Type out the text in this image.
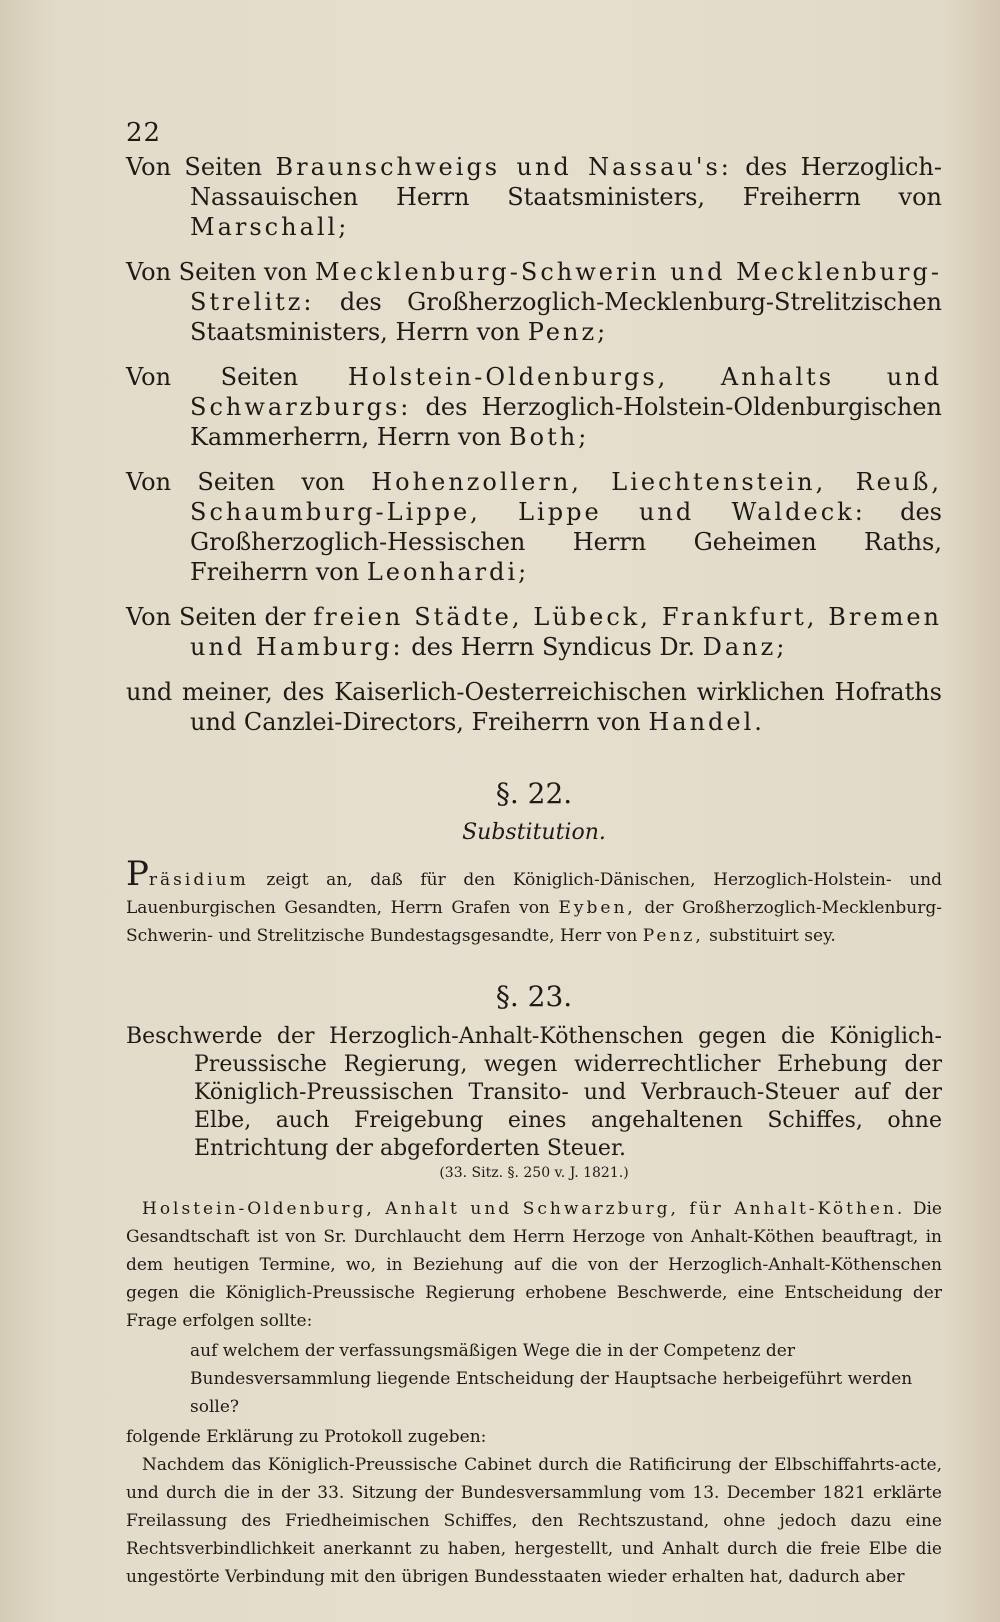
22

Von Seiten Braunschweigs und Nassau's: des Herzoglich-Nassauischen Herrn Staatsministers, Freiherrn von Marschall;

Von Seiten von Mecklenburg-Schwerin und Mecklenburg-Strelitz: des Großherzoglich-Mecklenburg-Strelitzischen Staatsministers, Herrn von Penz;

Von Seiten Holstein-Oldenburgs, Anhalts und Schwarzburgs: des Herzoglich-Holstein-Oldenburgischen Kammerherrn, Herrn von Both;

Von Seiten von Hohenzollern, Liechtenstein, Reuß, Schaumburg-Lippe, Lippe und Waldeck: des Großherzoglich-Hessischen Herrn Geheimen Raths, Freiherrn von Leonhardi;

Von Seiten der freien Städte, Lübeck, Frankfurt, Bremen und Hamburg: des Herrn Syndicus Dr. Danz;

und meiner, des Kaiserlich-Oesterreichischen wirklichen Hofraths und Canzlei-Directors, Freiherrn von Handel.

§. 22.
Substitution.

Präsidium zeigt an, daß für den Königlich-Dänischen, Herzoglich-Holstein- und Lauenburgischen Gesandten, Herrn Grafen von Eyben, der Großherzoglich-Mecklenburg-Schwerin- und Strelitzische Bundestagsgesandte, Herr von Penz, substituirt sey.

§. 23.

Beschwerde der Herzoglich-Anhalt-Köthenschen gegen die Königlich-Preussische Regierung, wegen widerrechtlicher Erhebung der Königlich-Preussischen Transito- und Verbrauch-Steuer auf der Elbe, auch Freigebung eines angehaltenen Schiffes, ohne Entrichtung der abgeforderten Steuer.

(33. Sitz. §. 250 v. J. 1821.)

Holstein-Oldenburg, Anhalt und Schwarzburg, für Anhalt-Köthen. Die Gesandtschaft ist von Sr. Durchlaucht dem Herrn Herzoge von Anhalt-Köthen beauftragt, in dem heutigen Termine, wo, in Beziehung auf die von der Herzoglich-Anhalt-Köthenschen gegen die Königlich-Preussische Regierung erhobene Beschwerde, eine Entscheidung der Frage erfolgen sollte:

auf welchem der verfassungsmäßigen Wege die in der Competenz der Bundesversammlung liegende Entscheidung der Hauptsache herbeigeführt werden solle?

folgende Erklärung zu Protokoll zugeben:

Nachdem das Königlich-Preussische Cabinet durch die Ratificirung der Elbschiffahrts-acte, und durch die in der 33. Sitzung der Bundesversammlung vom 13. December 1821 erklärte Freilassung des Friedheimischen Schiffes, den Rechtszustand, ohne jedoch dazu eine Rechtsverbindlichkeit anerkannt zu haben, hergestellt, und Anhalt durch die freie Elbe die ungestörte Verbindung mit den übrigen Bundesstaaten wieder erhalten hat, dadurch aber
